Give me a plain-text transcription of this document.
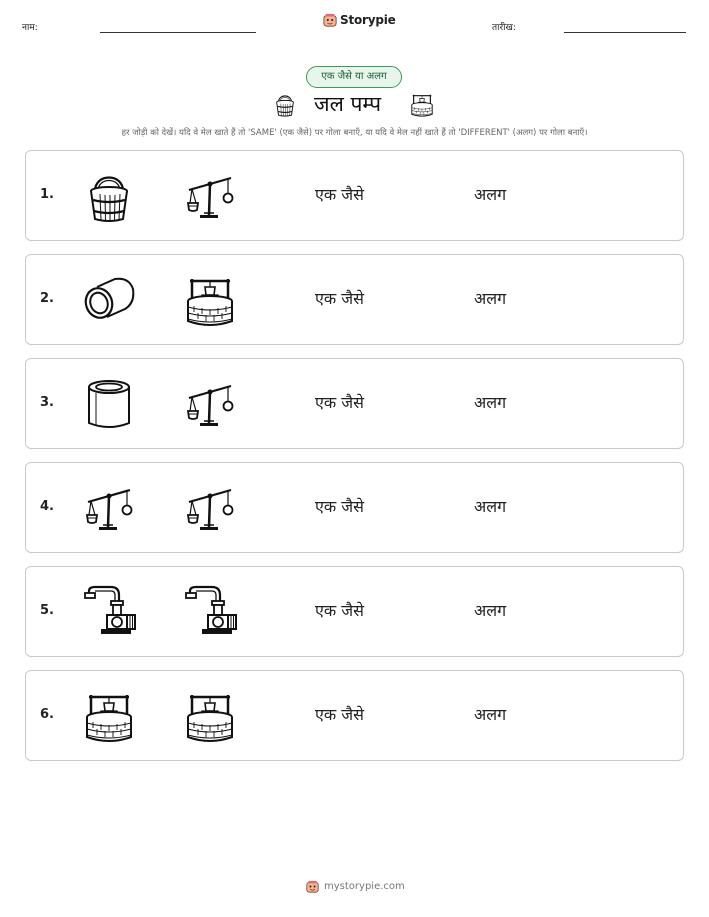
नाम:
Storypie
तारीख:
एक जैसे या अलग
जल पम्प
हर जोड़ी को देखें। यदि वे मेल खाते हैं तो 'SAME' (एक जैसे) पर गोला बनाएँ, या यदि वे मेल नहीं खाते हैं तो 'DIFFERENT' (अलग) पर गोला बनाएँ।
1.	एक जैसे	अलग
2.	एक जैसे	अलग
3.	एक जैसे	अलग
4.	एक जैसे	अलग
5.	एक जैसे	अलग
6.	एक जैसे	अलग
mystorypie.com
